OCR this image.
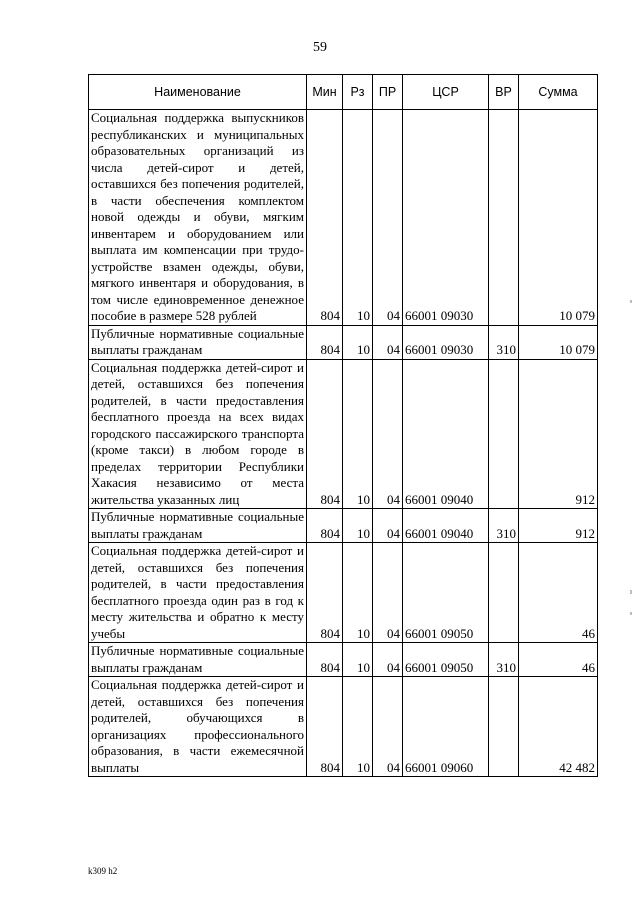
59
Наименование	Мин	Рз	ПР	ЦСР	ВР	Сумма
Социальная поддержка выпускников республиканских и муниципальных образовательных организаций из числа детей-сирот и детей, оставшихся без попечения родителей, в части обеспечения комплектом новой одежды и обуви, мягким инвентарем и оборудованием или выплата им компенсации при трудоустройстве взамен одежды, обуви, мягкого инвентаря и оборудования, в том числе единовременное денежное пособие в размере 528 рублей	804	10	04	66001 09030		10 079
Публичные нормативные социальные выплаты гражданам	804	10	04	66001 09030	310	10 079
Социальная поддержка детей-сирот и детей, оставшихся без попечения родителей, в части предоставления бесплатного проезда на всех видах городского пассажирского транспорта (кроме такси) в любом городе в пределах территории Республики Хакасия независимо от места жительства указанных лиц	804	10	04	66001 09040		912
Публичные нормативные социальные выплаты гражданам	804	10	04	66001 09040	310	912
Социальная поддержка детей-сирот и детей, оставшихся без попечения родителей, в части предоставления бесплатного проезда один раз в год к месту жительства и обратно к месту учебы	804	10	04	66001 09050		46
Публичные нормативные социальные выплаты гражданам	804	10	04	66001 09050	310	46
Социальная поддержка детей-сирот и детей, оставшихся без попечения родителей, обучающихся в организациях профессионального образования, в части ежемесячной выплаты	804	10	04	66001 09060		42 482
k309 h2
